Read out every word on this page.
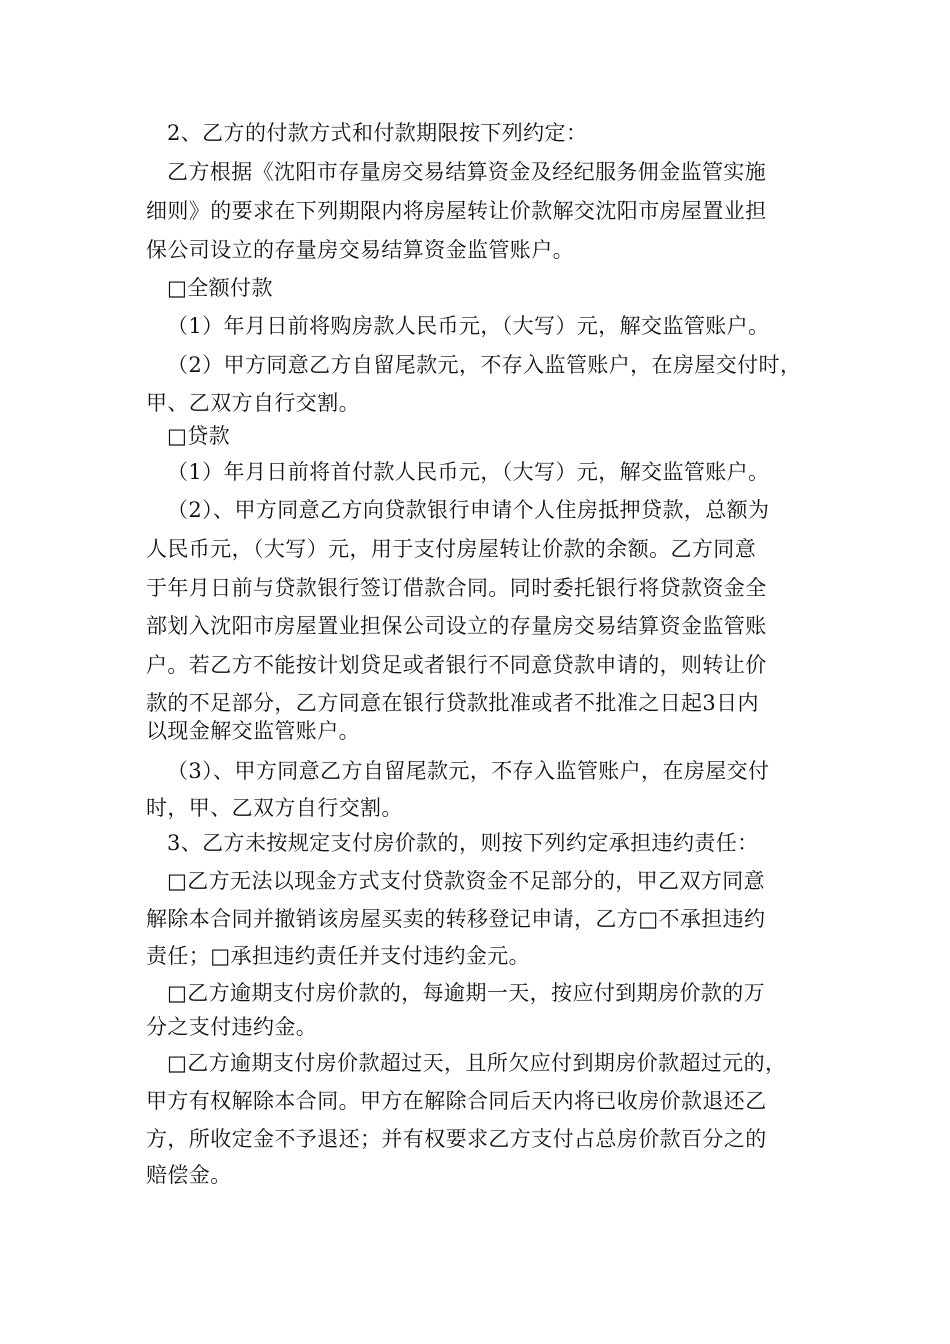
2、乙方的付款方式和付款期限按下列约定：
乙方根据《沈阳市存量房交易结算资金及经纪服务佣金监管实施
细则》的要求在下列期限内将房屋转让价款解交沈阳市房屋置业担
保公司设立的存量房交易结算资金监管账户。
□全额付款
（1）年月日前将购房款人民币元，（大写）元，解交监管账户。
（2）甲方同意乙方自留尾款元，不存入监管账户，在房屋交付时，
甲、乙双方自行交割。
□贷款
（1）年月日前将首付款人民币元，（大写）元，解交监管账户。
（2）、甲方同意乙方向贷款银行申请个人住房抵押贷款，总额为
人民币元，（大写）元，用于支付房屋转让价款的余额。乙方同意
于年月日前与贷款银行签订借款合同。同时委托银行将贷款资金全
部划入沈阳市房屋置业担保公司设立的存量房交易结算资金监管账
户。若乙方不能按计划贷足或者银行不同意贷款申请的，则转让价
款的不足部分，乙方同意在银行贷款批准或者不批准之日起3日内
以现金解交监管账户。
（3）、甲方同意乙方自留尾款元，不存入监管账户，在房屋交付
时，甲、乙双方自行交割。
3、乙方未按规定支付房价款的，则按下列约定承担违约责任：
□乙方无法以现金方式支付贷款资金不足部分的，甲乙双方同意
解除本合同并撤销该房屋买卖的转移登记申请，乙方□不承担违约
责任；□承担违约责任并支付违约金元。
□乙方逾期支付房价款的，每逾期一天，按应付到期房价款的万
分之支付违约金。
□乙方逾期支付房价款超过天，且所欠应付到期房价款超过元的，
甲方有权解除本合同。甲方在解除合同后天内将已收房价款退还乙
方，所收定金不予退还；并有权要求乙方支付占总房价款百分之的
赔偿金。
